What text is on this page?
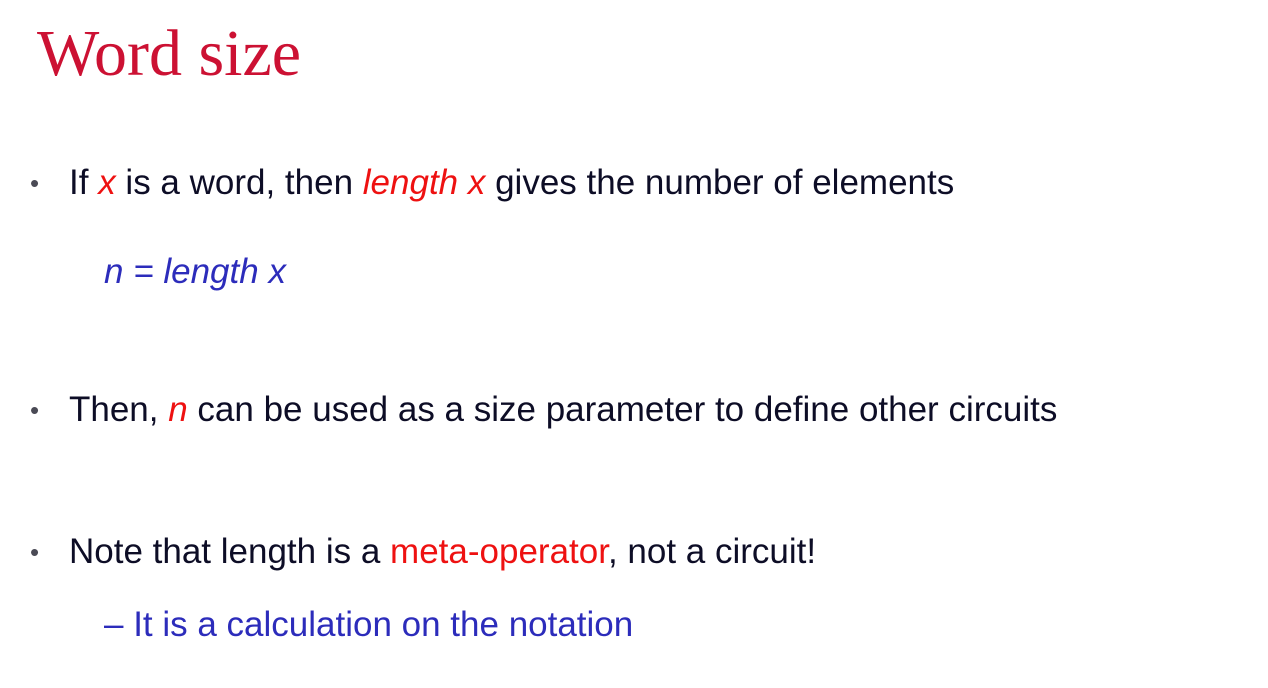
Word size
• If x is a word, then length x gives the number of elements
n = length x
• Then, n can be used as a size parameter to define other circuits
• Note that length is a meta-operator, not a circuit!
– It is a calculation on the notation
